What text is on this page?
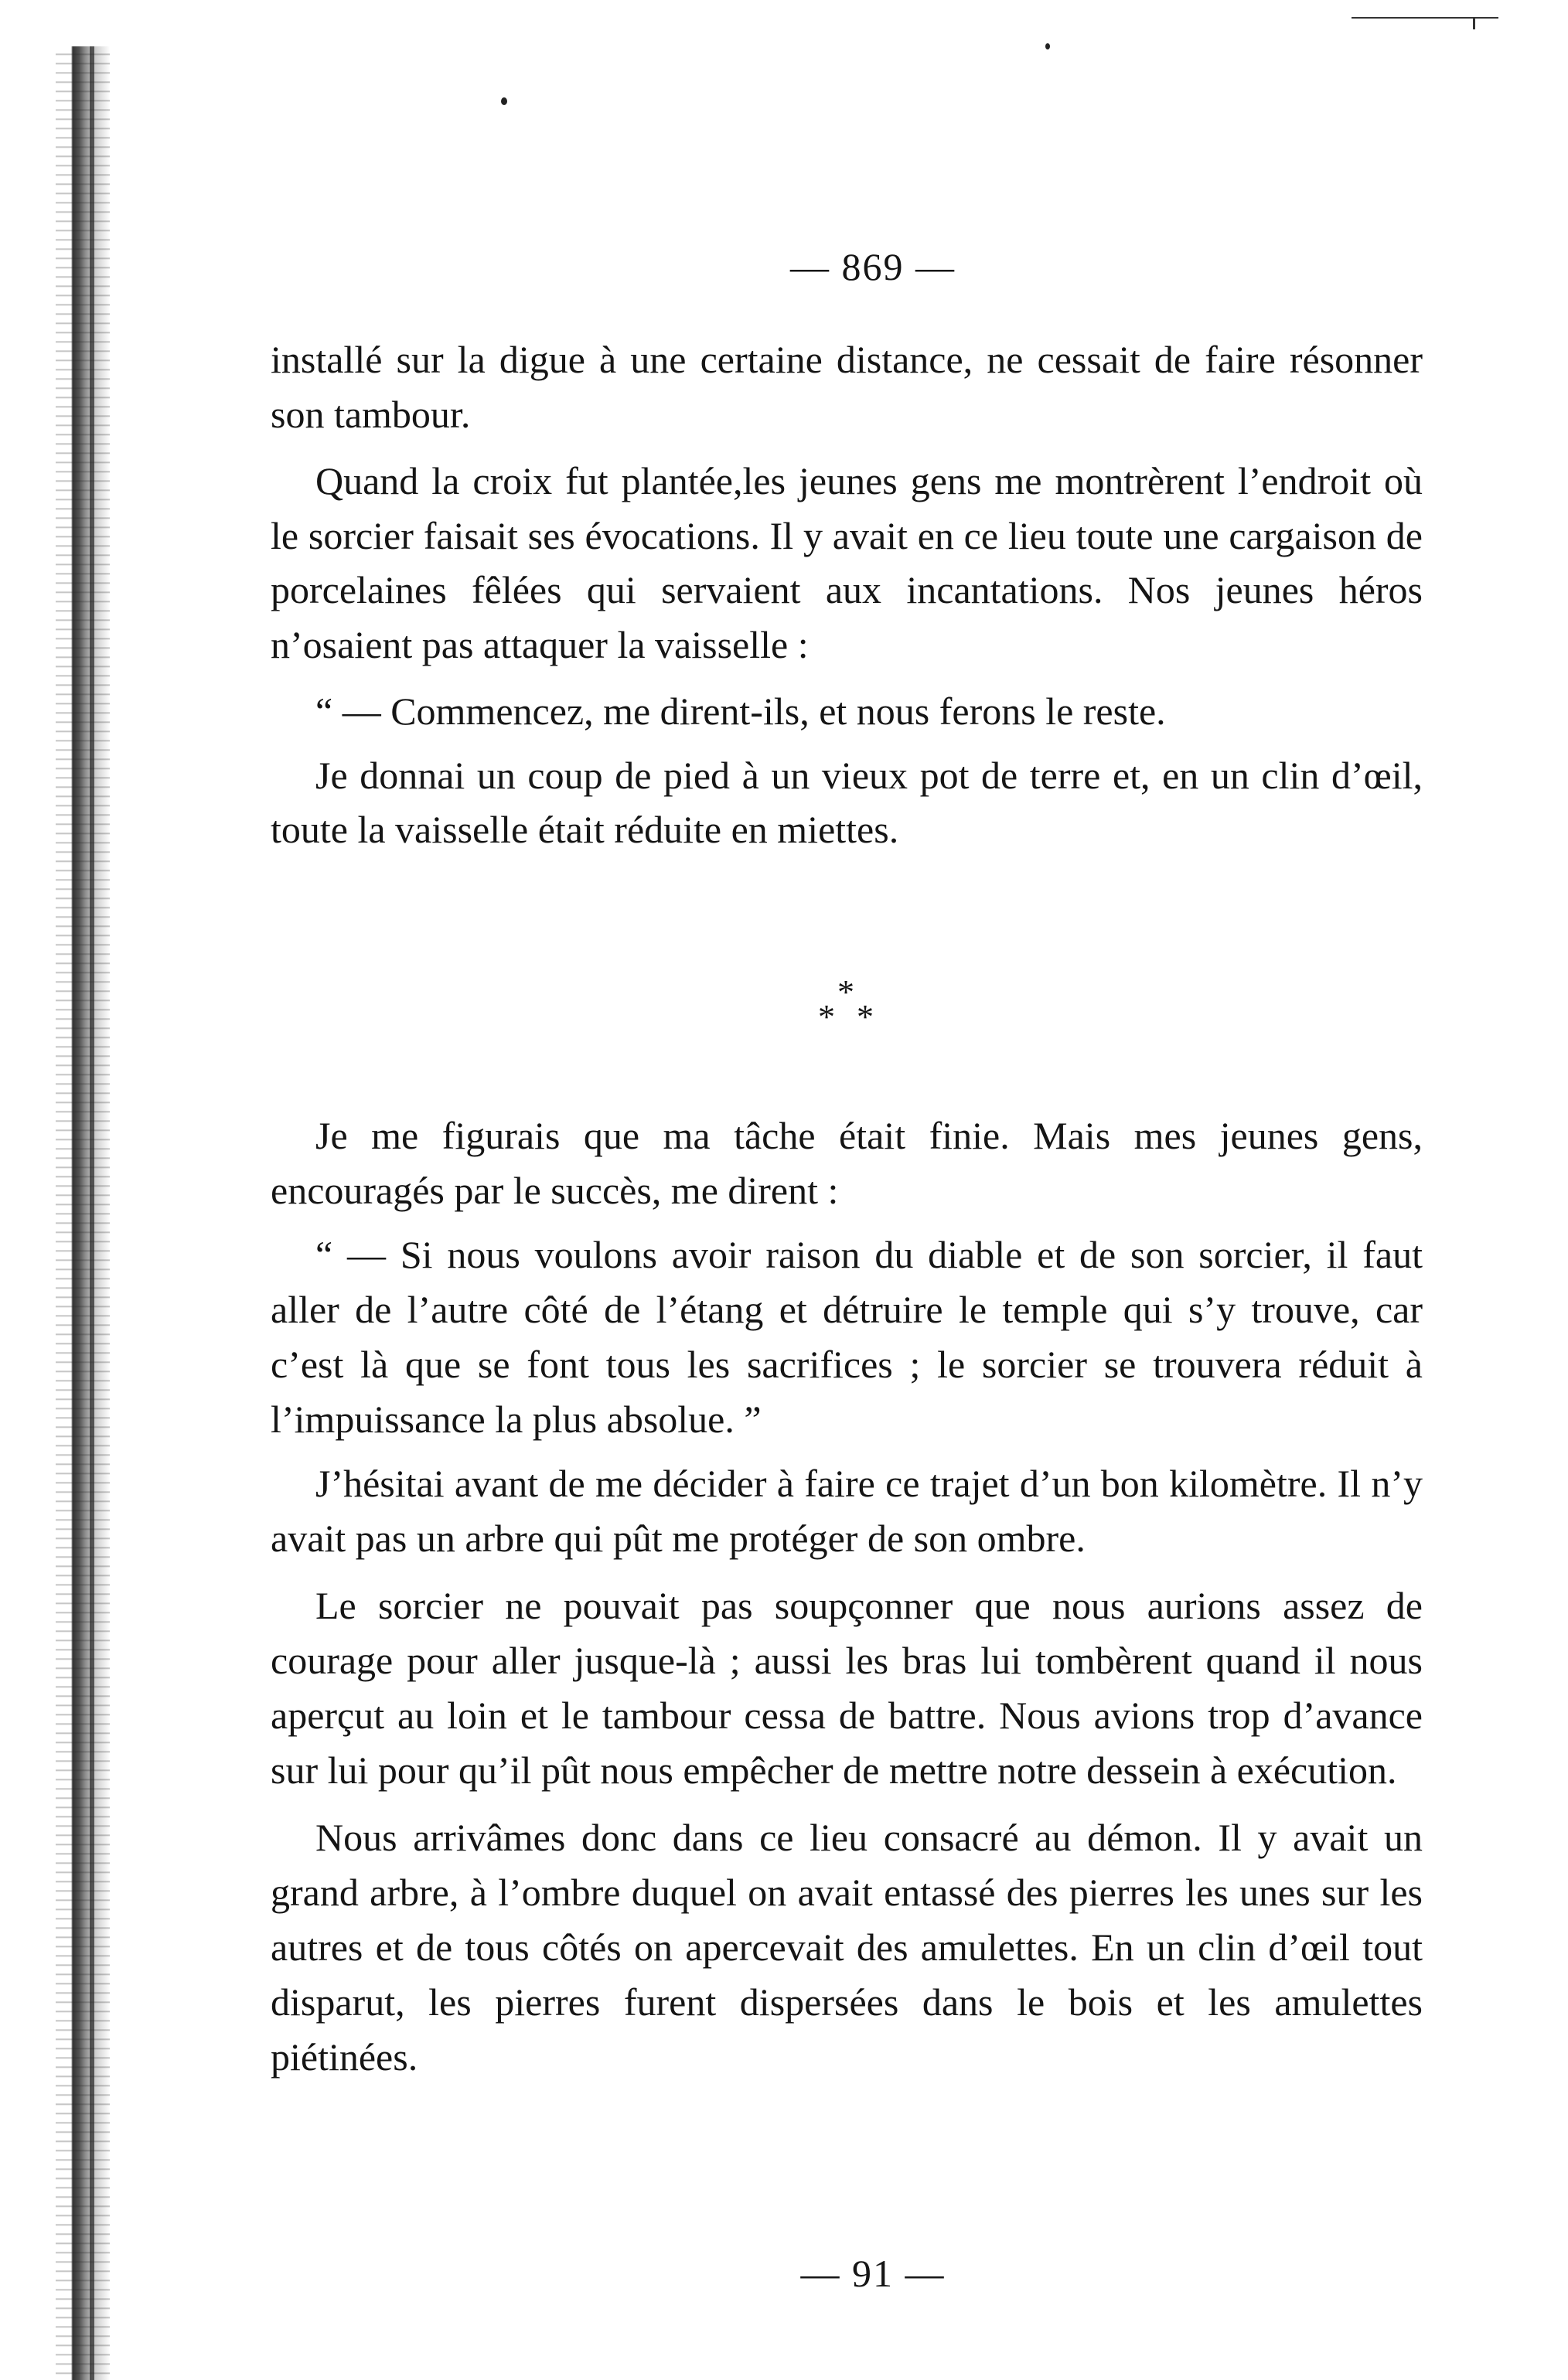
— 869 —

installé sur la digue à une certaine distance, ne cessait de faire résonner son tambour.

Quand la croix fut plantée,les jeunes gens me montrèrent l’endroit où le sorcier faisait ses évocations. Il y avait en ce lieu toute une cargaison de porcelaines fêlées qui servaient aux incantations. Nos jeunes héros n’osaient pas attaquer la vaisselle :

“ — Commencez, me dirent-ils, et nous ferons le reste.

Je donnai un coup de pied à un vieux pot de terre et, en un clin d’œil, toute la vaisselle était réduite en miettes.

*
* *

Je me figurais que ma tâche était finie. Mais mes jeunes gens, encouragés par le succès, me dirent :

“ — Si nous voulons avoir raison du diable et de son sorcier, il faut aller de l’autre côté de l’étang et détruire le temple qui s’y trouve, car c’est là que se font tous les sacrifices ; le sorcier se trouvera réduit à l’impuissance la plus absolue. ”

J’hésitai avant de me décider à faire ce trajet d’un bon kilomètre. Il n’y avait pas un arbre qui pût me protéger de son ombre.

Le sorcier ne pouvait pas soupçonner que nous aurions assez de courage pour aller jusque-là ; aussi les bras lui tombèrent quand il nous aperçut au loin et le tambour cessa de battre. Nous avions trop d’avance sur lui pour qu’il pût nous empêcher de mettre notre dessein à exécution.

Nous arrivâmes donc dans ce lieu consacré au démon. Il y avait un grand arbre, à l’ombre duquel on avait entassé des pierres les unes sur les autres et de tous côtés on apercevait des amulettes. En un clin d’œil tout disparut, les pierres furent dispersées dans le bois et les amulettes piétinées.

— 91 —
